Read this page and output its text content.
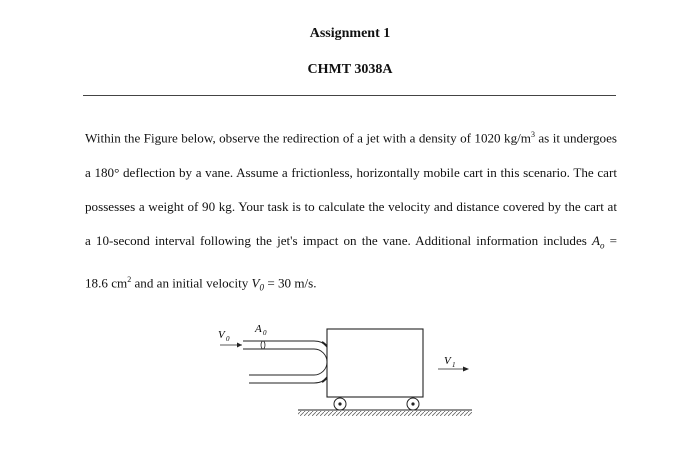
Assignment 1
CHMT 3038A

Within the Figure below, observe the redirection of a jet with a density of 1020 $kg/m^3$ as it undergoes a 180° deflection by a vane. Assume a frictionless, horizontally mobile cart in this scenario. The cart possesses a weight of 90 kg. Your task is to calculate the velocity and distance covered by the cart at a 10-second interval following the jet's impact on the vane. Additional information includes $A_o = 18.6$ $cm^2$ and an initial velocity $V_0 = 30$ m/s.

V 0
A 0
V 1
